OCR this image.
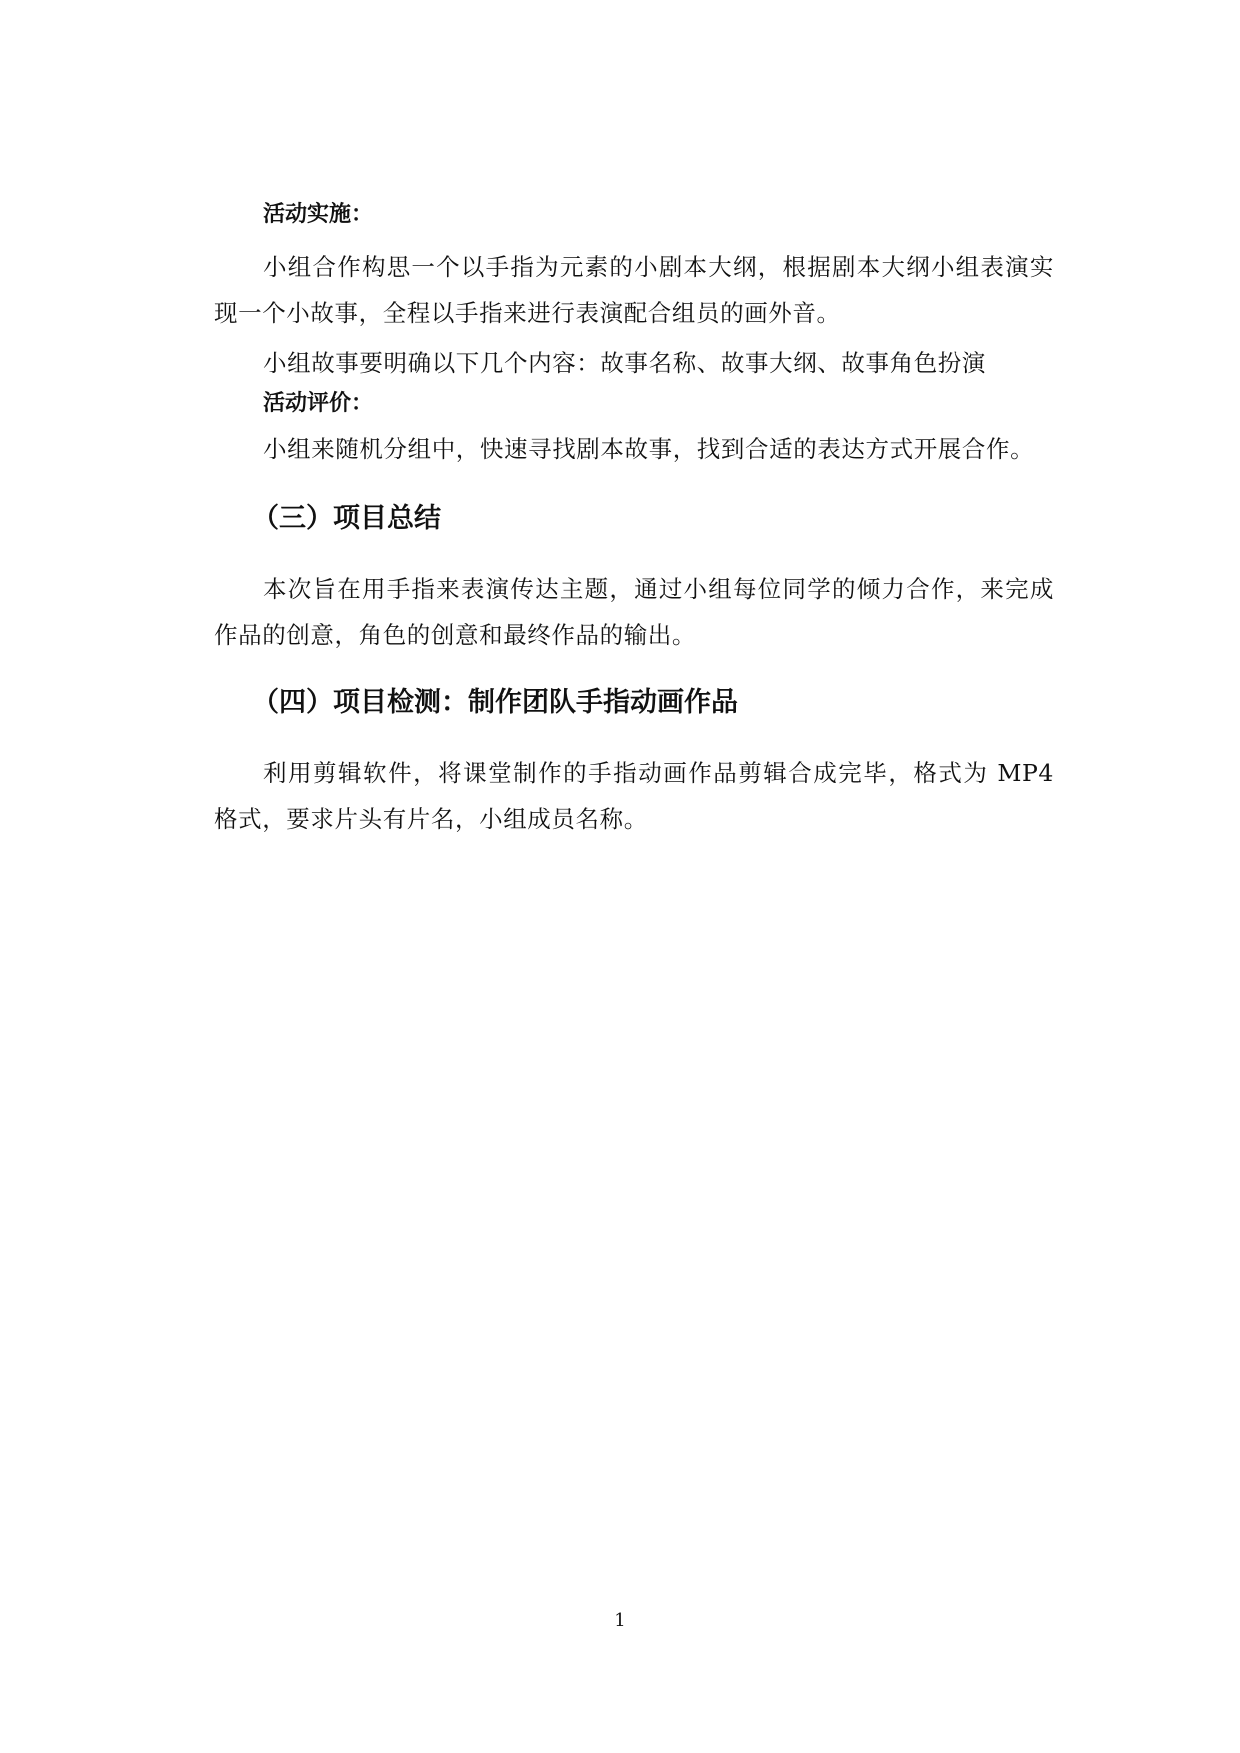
活动实施：

小组合作构思一个以手指为元素的小剧本大纲，根据剧本大纲小组表演实现一个小故事，全程以手指来进行表演配合组员的画外音。

小组故事要明确以下几个内容：故事名称、故事大纲、故事角色扮演

活动评价：

小组来随机分组中，快速寻找剧本故事，找到合适的表达方式开展合作。

（三）项目总结

本次旨在用手指来表演传达主题，通过小组每位同学的倾力合作，来完成作品的创意，角色的创意和最终作品的输出。

（四）项目检测：制作团队手指动画作品

利用剪辑软件，将课堂制作的手指动画作品剪辑合成完毕，格式为 MP4 格式，要求片头有片名，小组成员名称。

1
